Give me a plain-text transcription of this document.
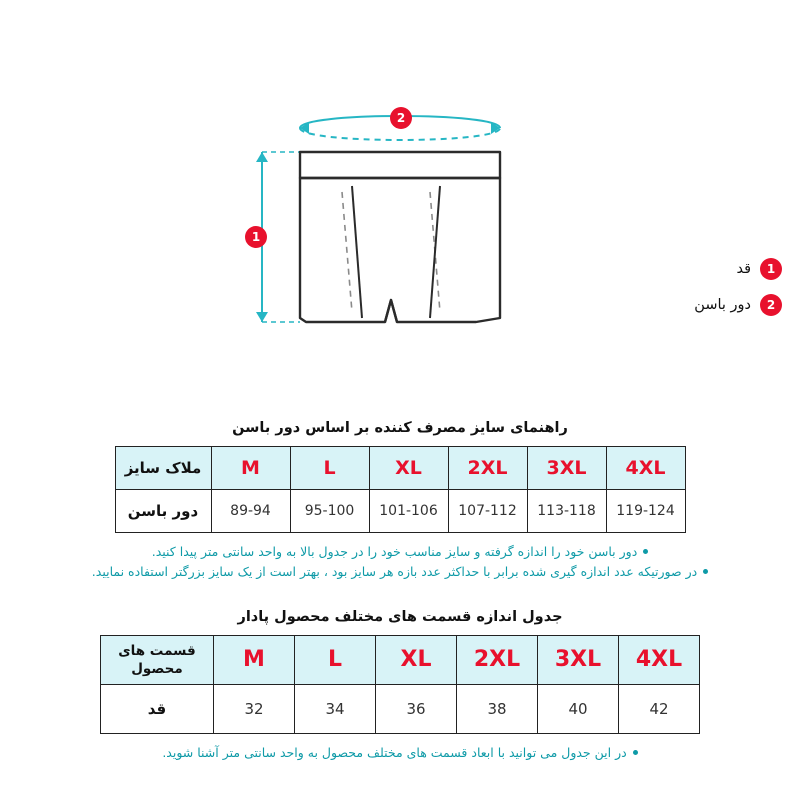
2
1
1
قد
2
دور باسن
راهنمای سایز مصرف کننده بر اساس دور باسن
4XL	3XL	2XL	XL	L	M	ملاک سایز
119-124	113-118	107-112	101-106	95-100	89-94	دور باسن
دور باسن خود را اندازه گرفته و سایز مناسب خود را در جدول بالا به واحد سانتی متر پیدا کنید.
در صورتیکه عدد اندازه گیری شده برابر با حداکثر عدد بازه هر سایز بود ، بهتر است از یک سایز بزرگتر استفاده نمایید.
جدول اندازه قسمت های مختلف محصول پادار
4XL	3XL	2XL	XL	L	M	قسمت های محصول
42	40	38	36	34	32	قد
در این جدول می توانید با ابعاد قسمت های مختلف محصول به واحد سانتی متر آشنا شوید.
